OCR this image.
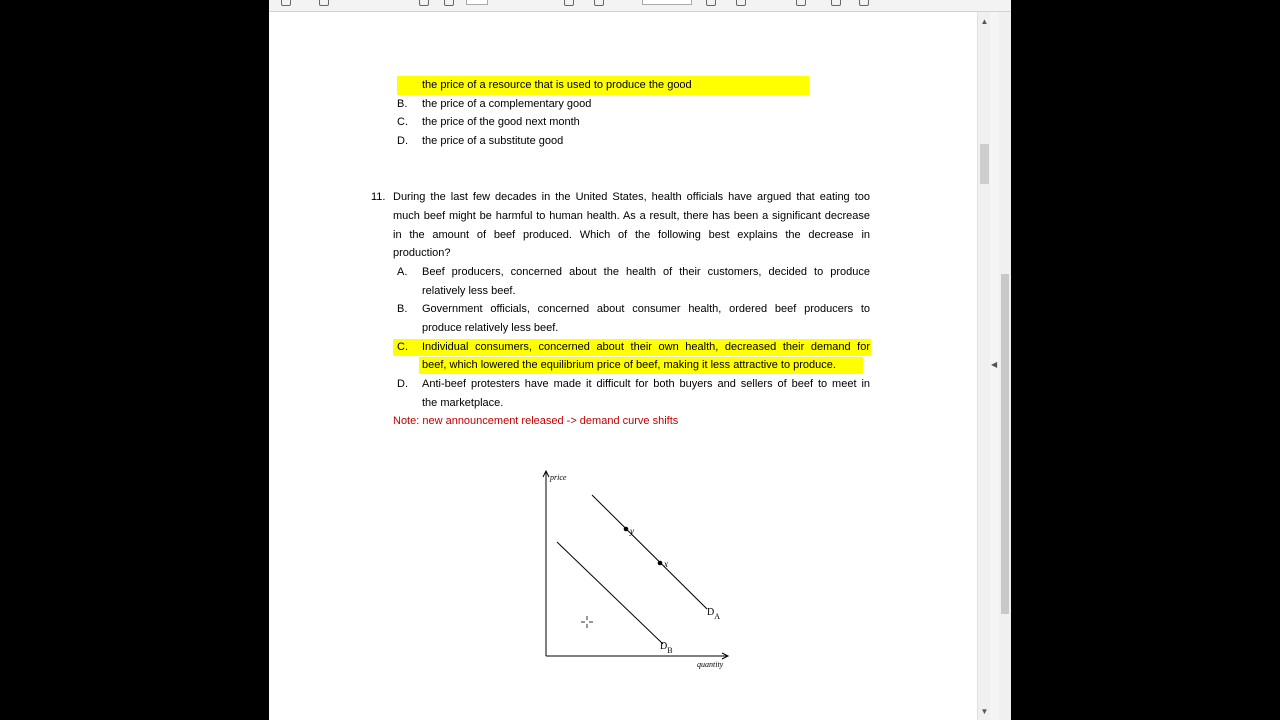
the price of a resource that is used to produce the good
B. the price of a complementary good
C. the price of the good next month
D. the price of a substitute good
11. During the last few decades in the United States, health officials have argued that eating too
much beef might be harmful to human health. As a result, there has been a significant decrease
in the amount of beef produced. Which of the following best explains the decrease in
production?
A. Beef producers, concerned about the health of their customers, decided to produce
relatively less beef.
B. Government officials, concerned about consumer health, ordered beef producers to
produce relatively less beef.
C. Individual consumers, concerned about their own health, decreased their demand for
beef, which lowered the equilibrium price of beef, making it less attractive to produce.
D. Anti-beef protesters have made it difficult for both buyers and sellers of beef to meet in
the marketplace.
Note: new announcement released -> demand curve shifts
price
quantity
y
x
$D_A$
$D_B$
▲
▼
◀
